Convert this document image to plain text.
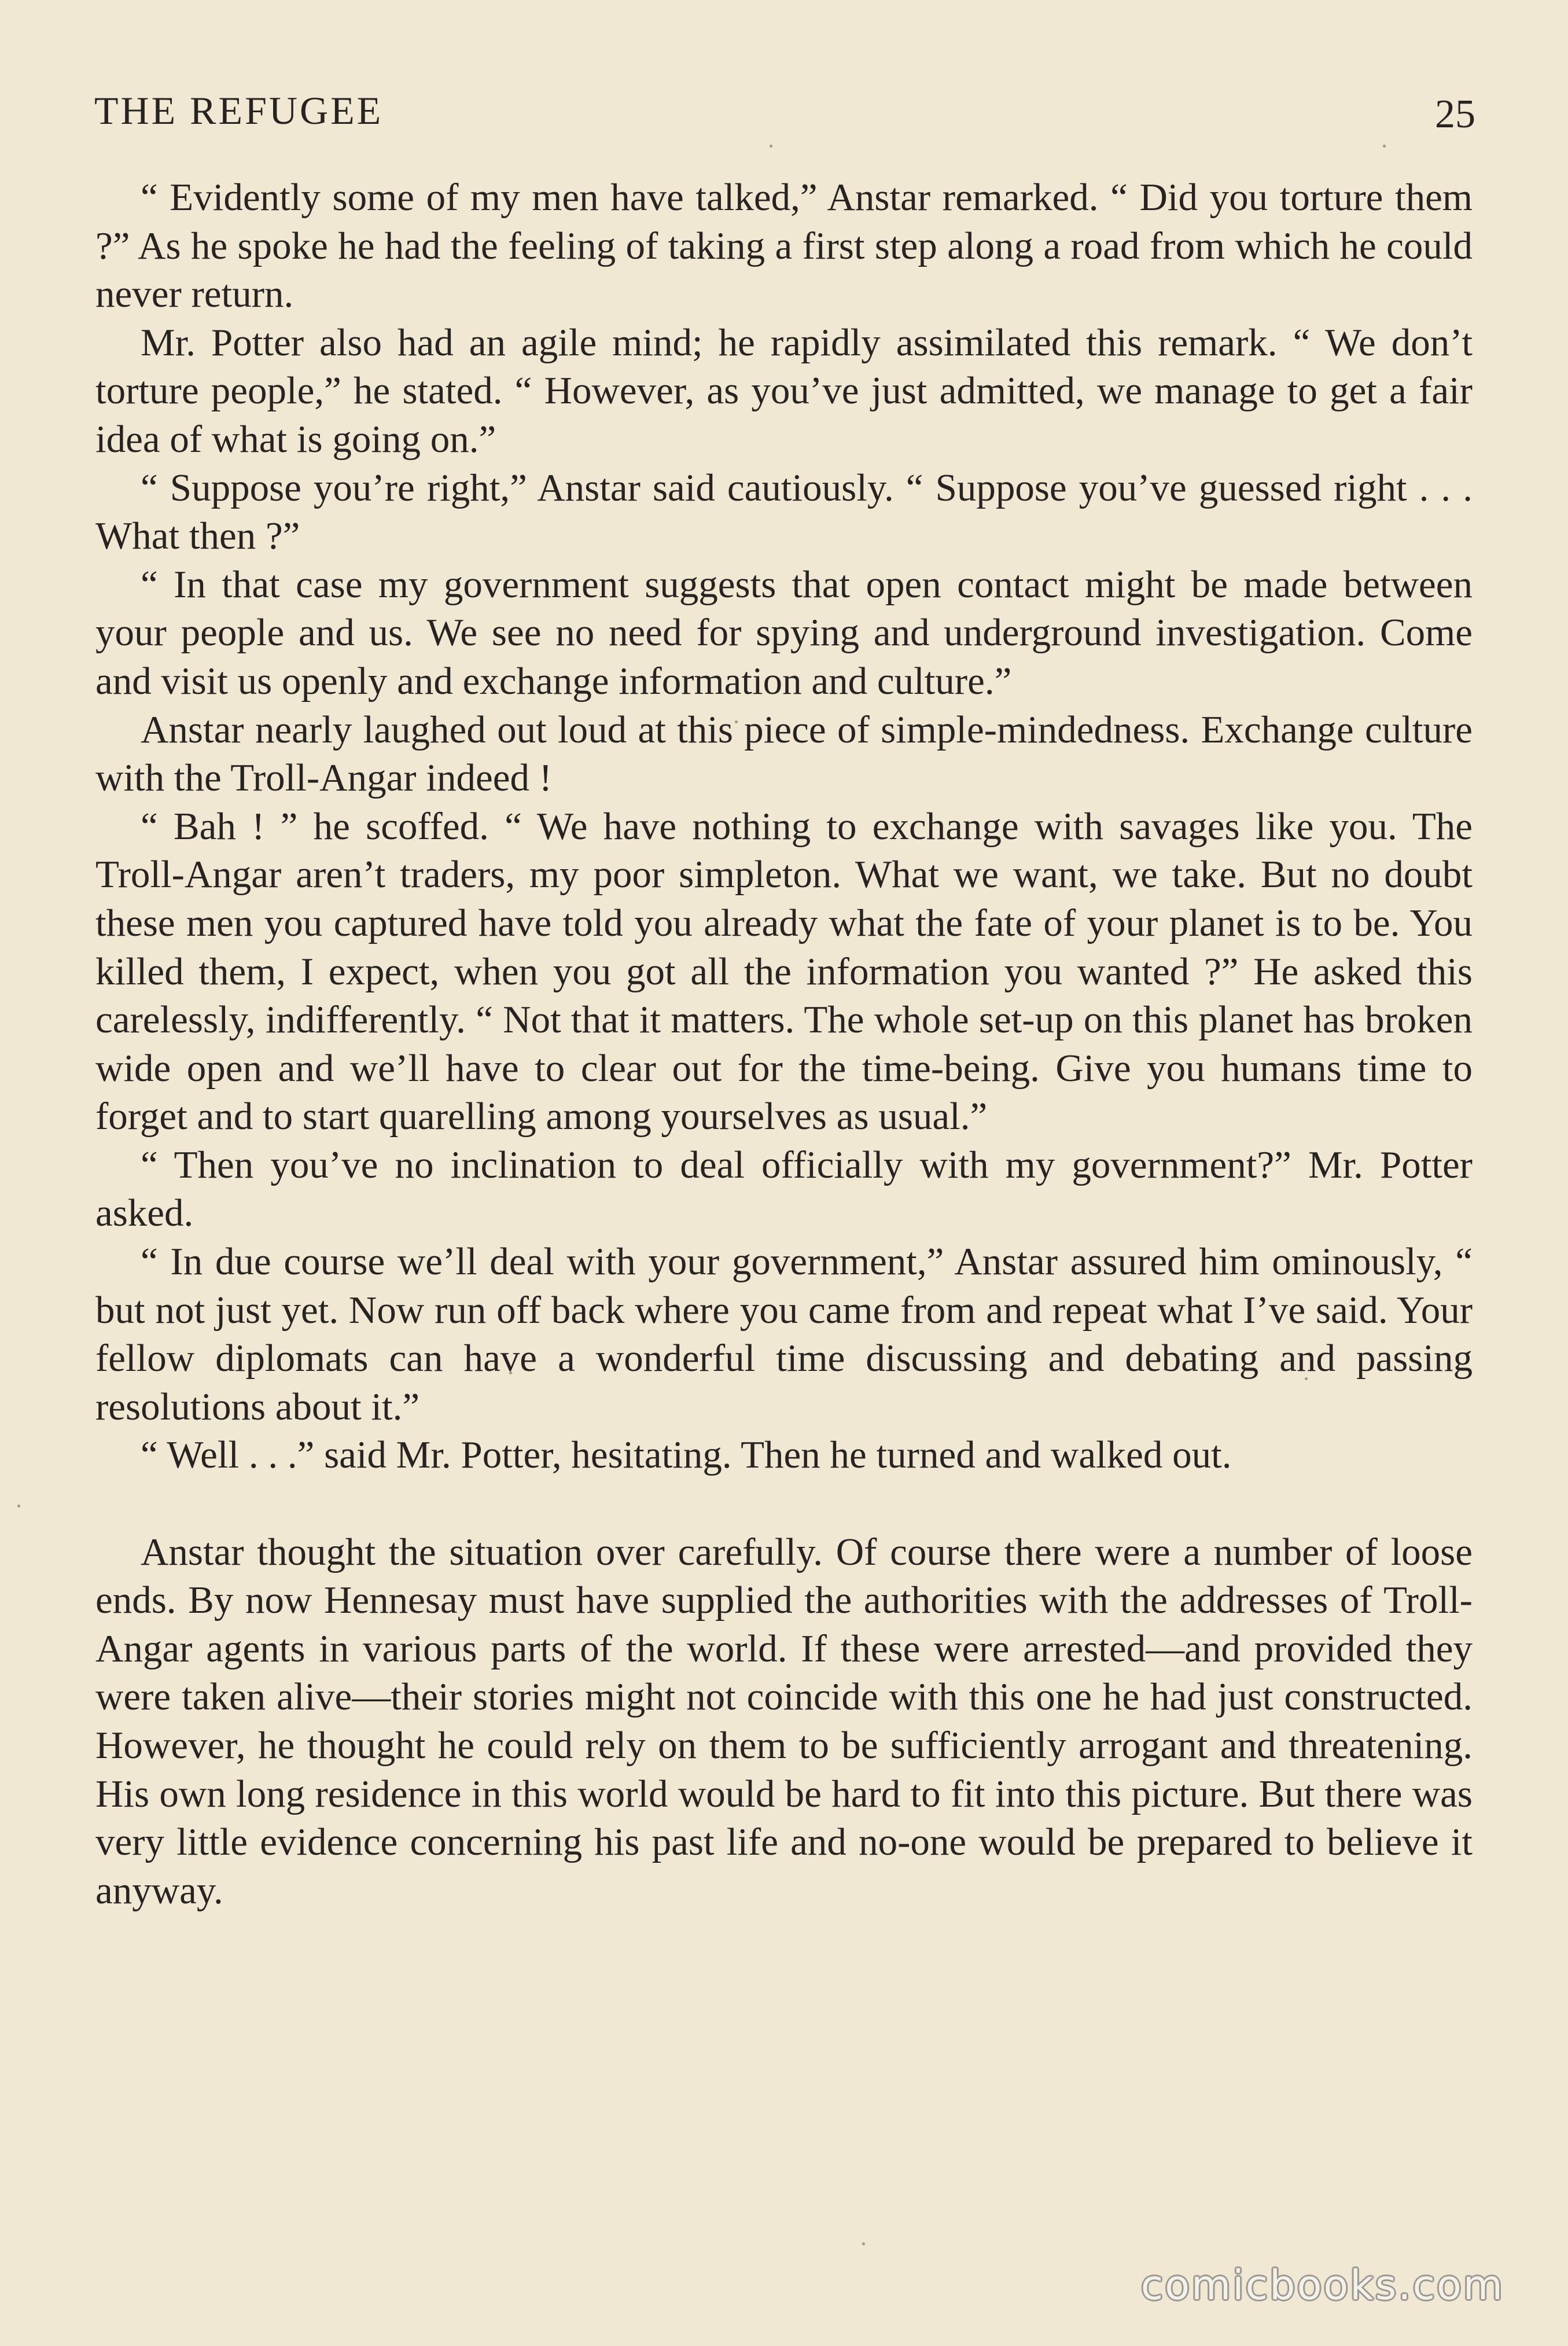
THE REFUGEE	25

“ Evidently some of my men have talked,” Anstar remarked. “ Did you torture them ?” As he spoke he had the feeling of taking a first step along a road from which he could never return.

Mr. Potter also had an agile mind; he rapidly assimilated this remark. “ We don’t torture people,” he stated. “ However, as you’ve just admitted, we manage to get a fair idea of what is going on.”

“ Suppose you’re right,” Anstar said cautiously. “ Suppose you’ve guessed right . . . What then ?”

“ In that case my government suggests that open contact might be made between your people and us. We see no need for spying and underground investigation. Come and visit us openly and exchange information and culture.”

Anstar nearly laughed out loud at this piece of simple-mindedness. Exchange culture with the Troll-Angar indeed !

“ Bah ! ” he scoffed. “ We have nothing to exchange with savages like you. The Troll-Angar aren’t traders, my poor simpleton. What we want, we take. But no doubt these men you captured have told you already what the fate of your planet is to be. You killed them, I expect, when you got all the information you wanted ?” He asked this carelessly, indifferently. “ Not that it matters. The whole set-up on this planet has broken wide open and we’ll have to clear out for the time-being. Give you humans time to forget and to start quarelling among yourselves as usual.”

“ Then you’ve no inclination to deal officially with my government?” Mr. Potter asked.

“ In due course we’ll deal with your government,” Anstar assured him ominously, “ but not just yet. Now run off back where you came from and repeat what I’ve said. Your fellow diplomats can have a wonderful time discussing and debating and passing resolutions about it.”

“ Well . . .” said Mr. Potter, hesitating. Then he turned and walked out.

Anstar thought the situation over carefully. Of course there were a number of loose ends. By now Hennesay must have supplied the authorities with the addresses of Troll-Angar agents in various parts of the world. If these were arrested—and provided they were taken alive—their stories might not coincide with this one he had just constructed. However, he thought he could rely on them to be sufficiently arrogant and threatening. His own long residence in this world would be hard to fit into this picture. But there was very little evidence concerning his past life and no-one would be prepared to believe it anyway.

comicbooks.com
